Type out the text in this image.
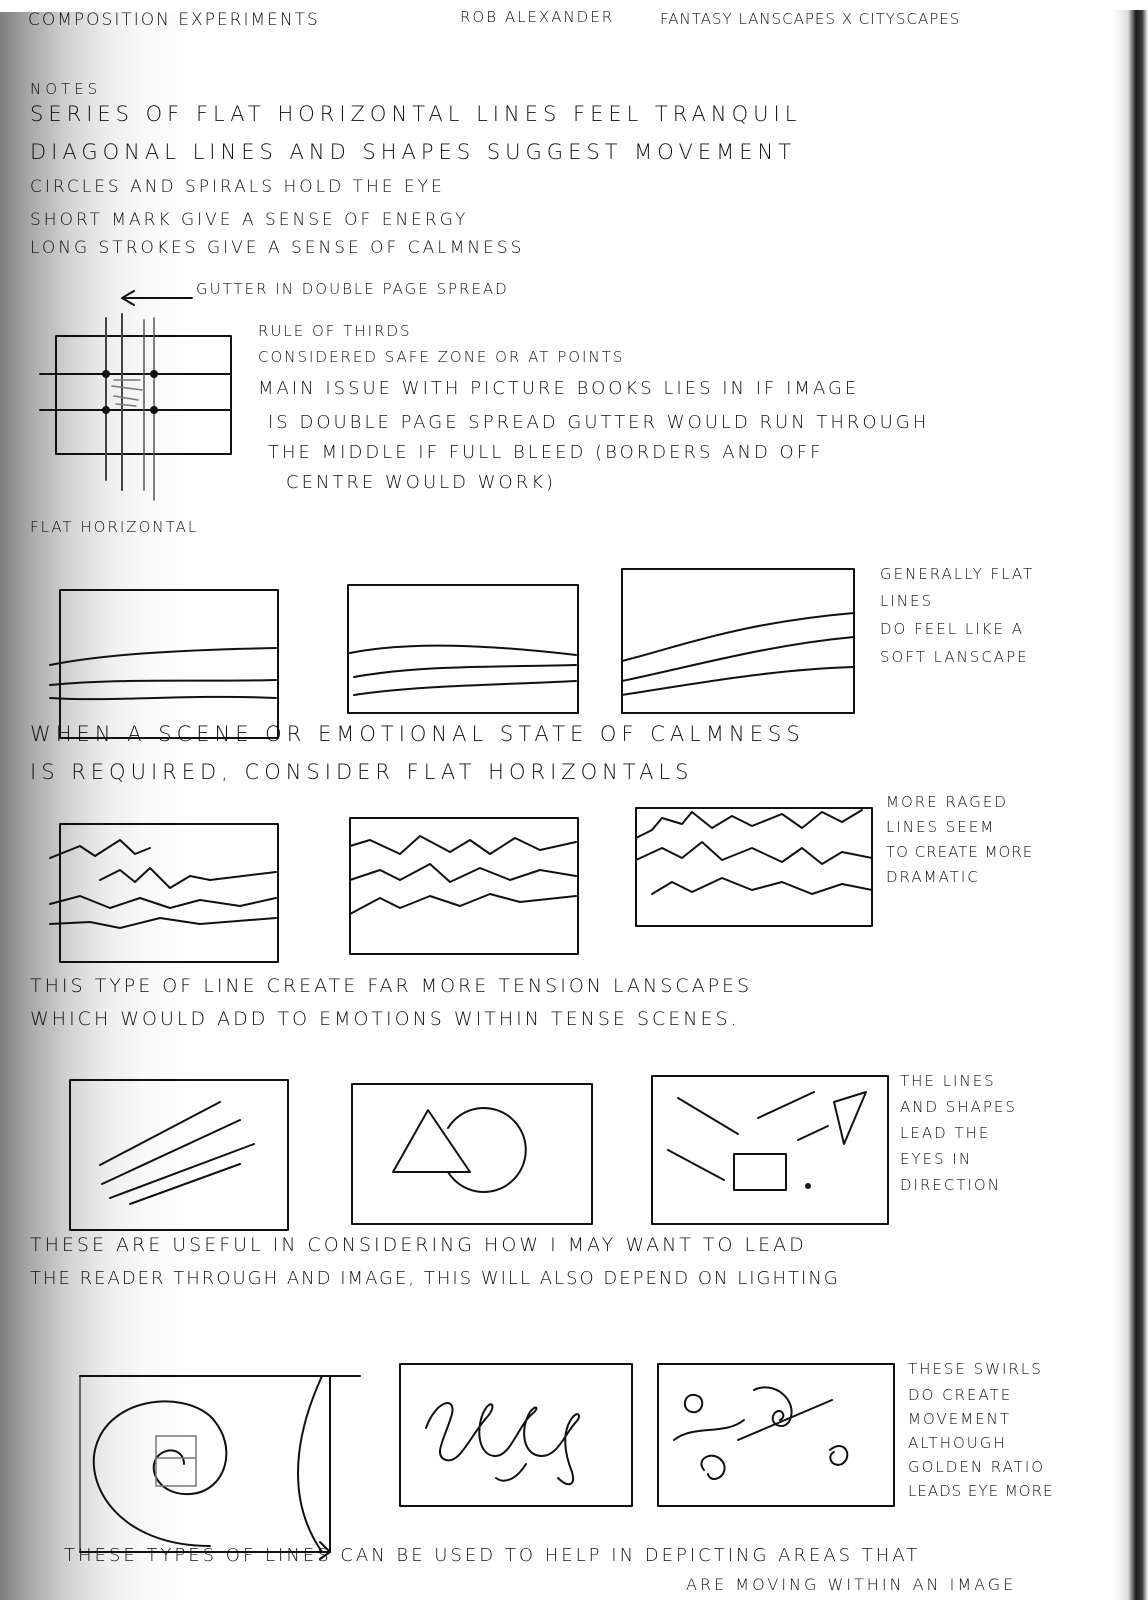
COMPOSITION EXPERIMENTS	ROB ALEXANDER	FANTASY LANSCAPES X CITYSCAPES
NOTES
SERIES OF FLAT HORIZONTAL LINES FEEL TRANQUIL
DIAGONAL LINES AND SHAPES SUGGEST MOVEMENT
CIRCLES AND SPIRALS HOLD THE EYE
SHORT MARK GIVE A SENSE OF ENERGY
LONG STROKES GIVE A SENSE OF CALMNESS
GUTTER IN DOUBLE PAGE SPREAD
RULE OF THIRDS
CONSIDERED SAFE ZONE OR AT POINTS
MAIN ISSUE WITH PICTURE BOOKS LIES IN IF IMAGE
IS DOUBLE PAGE SPREAD GUTTER WOULD RUN THROUGH
THE MIDDLE IF FULL BLEED (BORDERS AND OFF
CENTRE WOULD WORK)
FLAT HORIZONTAL
GENERALLY FLAT
LINES
DO FEEL LIKE A
SOFT LANSCAPE
WHEN A SCENE OR EMOTIONAL STATE OF CALMNESS
IS REQUIRED, CONSIDER FLAT HORIZONTALS
MORE RAGED
LINES SEEM
TO CREATE MORE
DRAMATIC
THIS TYPE OF LINE CREATE FAR MORE TENSION LANSCAPES
WHICH WOULD ADD TO EMOTIONS WITHIN TENSE SCENES.
THE LINES
AND SHAPES
LEAD THE
EYES IN
DIRECTION
THESE ARE USEFUL IN CONSIDERING HOW I MAY WANT TO LEAD
THE READER THROUGH AND IMAGE, THIS WILL ALSO DEPEND ON LIGHTING
THESE SWIRLS
DO CREATE
MOVEMENT
ALTHOUGH
GOLDEN RATIO
LEADS EYE MORE
THESE TYPES OF LINES CAN BE USED TO HELP IN DEPICTING AREAS THAT
ARE MOVING WITHIN AN IMAGE
